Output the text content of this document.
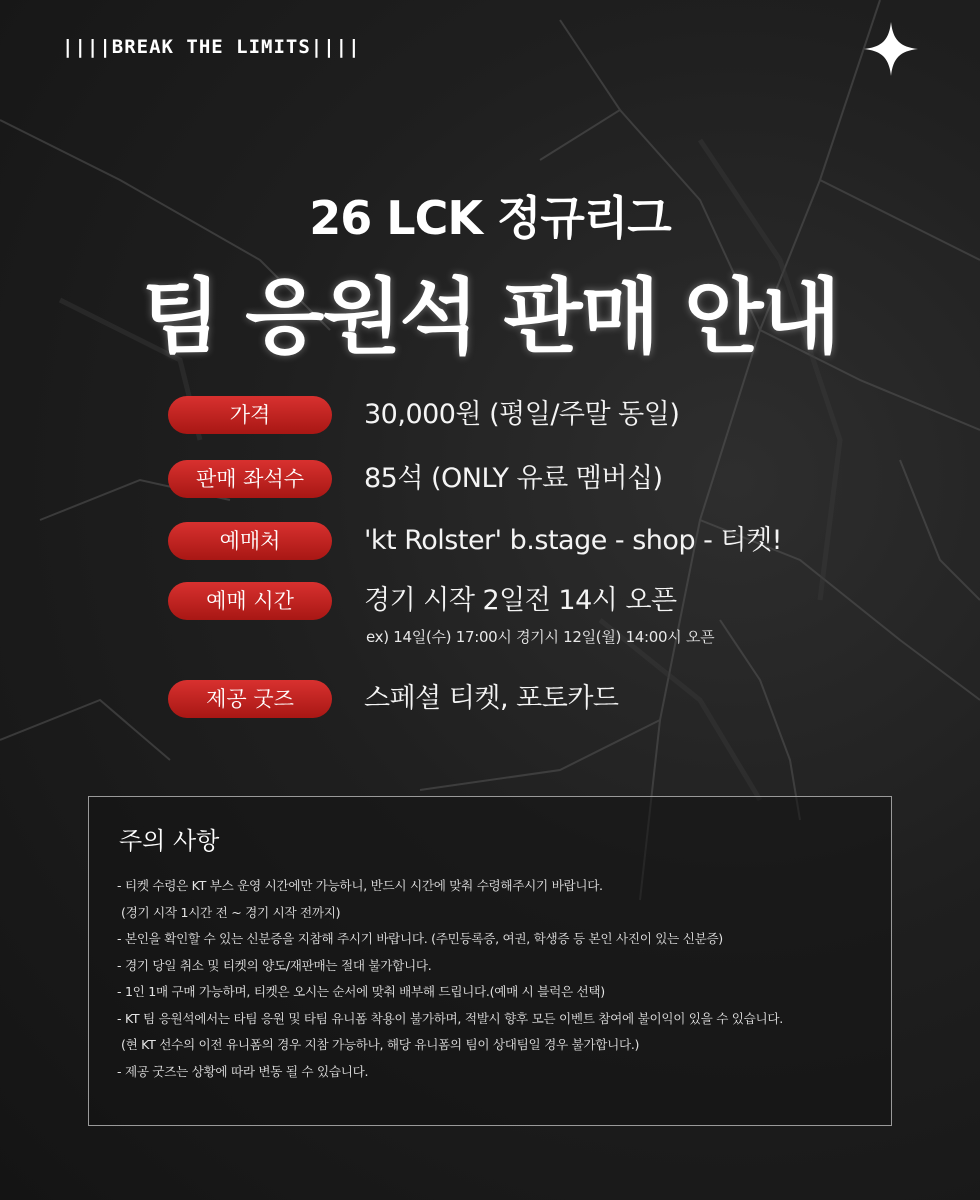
||||BREAK THE LIMITS||||
26 LCK 정규리그
팀 응원석 판매 안내
가격	30,000원 (평일/주말 동일)
판매 좌석수	85석 (ONLY 유료 멤버십)
예매처	'kt Rolster' b.stage - shop - 티켓!
예매 시간	경기 시작 2일전 14시 오픈
ex) 14일(수) 17:00시 경기시 12일(월) 14:00시 오픈
제공 굿즈	스페셜 티켓, 포토카드
주의 사항
- 티켓 수령은 KT 부스 운영 시간에만 가능하니, 반드시 시간에 맞춰 수령해주시기 바랍니다.
(경기 시작 1시간 전 ~ 경기 시작 전까지)
- 본인을 확인할 수 있는 신분증을 지참해 주시기 바랍니다. (주민등록증, 여권, 학생증 등 본인 사진이 있는 신분증)
- 경기 당일 취소 및 티켓의 양도/재판매는 절대 불가합니다.
- 1인 1매 구매 가능하며, 티켓은 오시는 순서에 맞춰 배부해 드립니다.(예매 시 블럭은 선택)
- KT 팀 응원석에서는 타팀 응원 및 타팀 유니폼 착용이 불가하며, 적발시 향후 모든 이벤트 참여에 불이익이 있을 수 있습니다.
(현 KT 선수의 이전 유니폼의 경우 지참 가능하나, 해당 유니폼의 팀이 상대팀일 경우 불가합니다.)
- 제공 굿즈는 상황에 따라 변동 될 수 있습니다.
